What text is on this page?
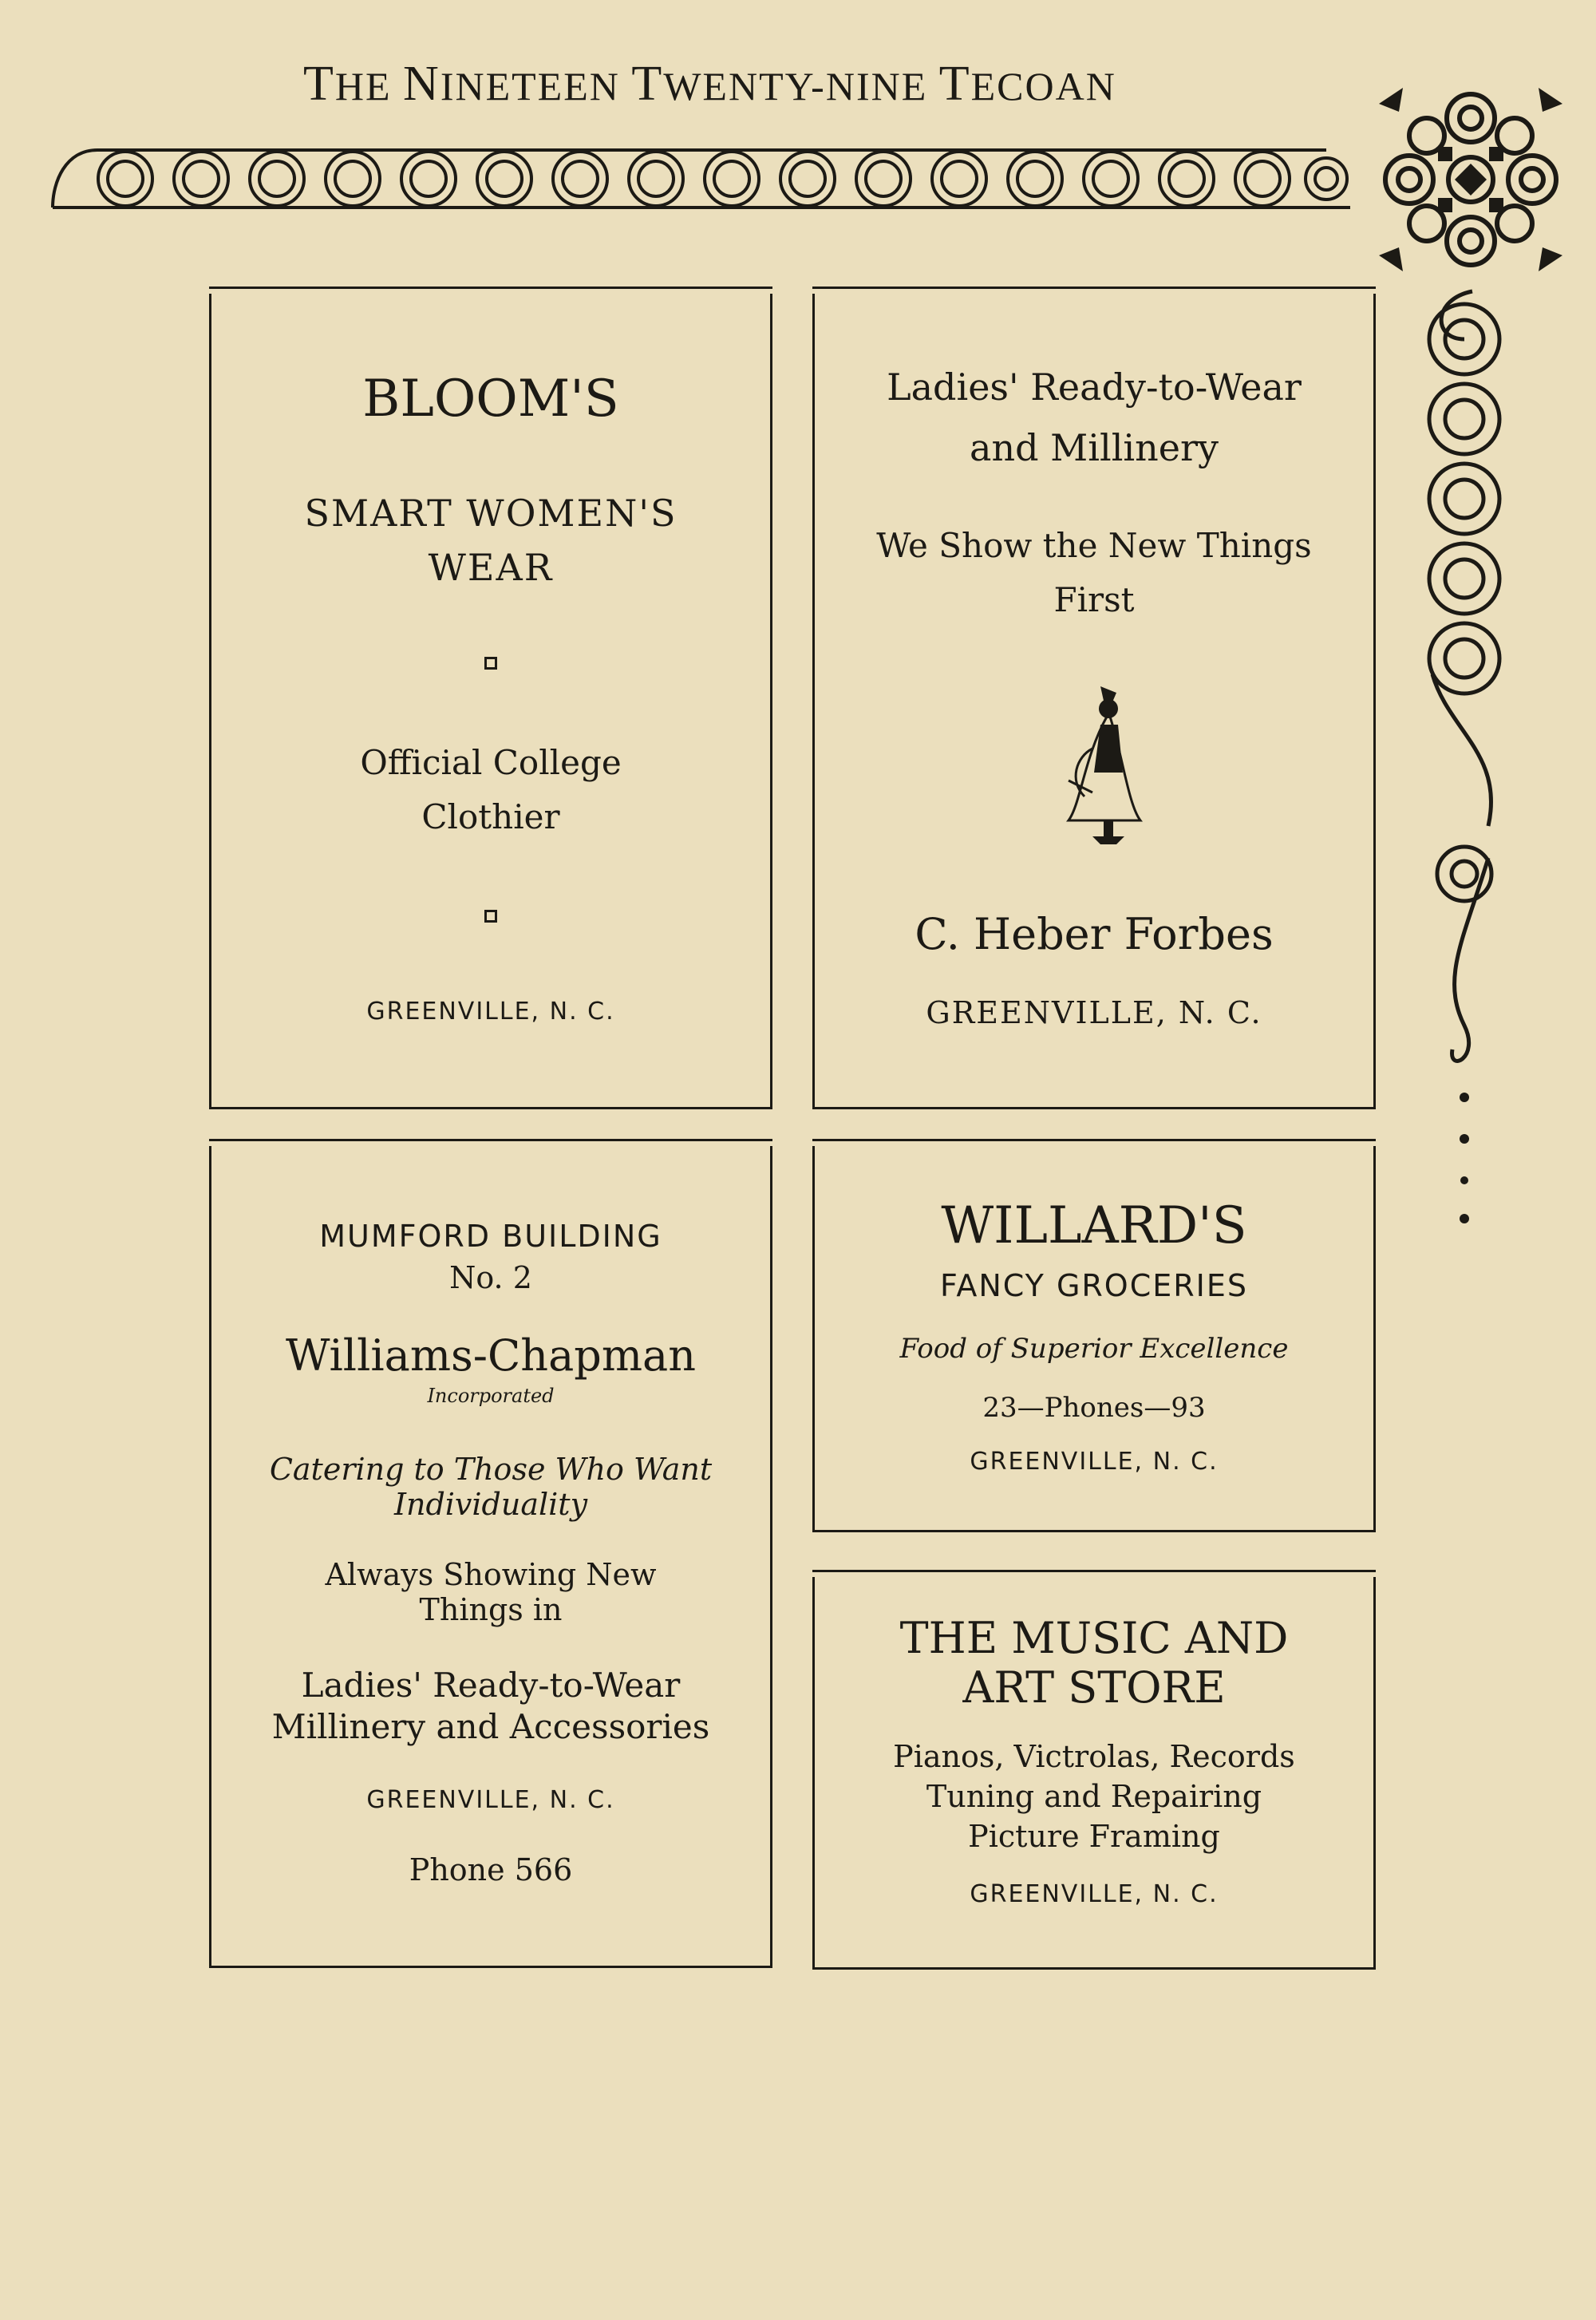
THE NINETEEN TWENTY-NINE TECOAN

BLOOM'S

SMART WOMEN'S

WEAR

Official College

Clothier

GREENVILLE, N. C.

Ladies' Ready-to-Wear

and Millinery

We Show the New Things

First

C. Heber Forbes

GREENVILLE, N. C.

MUMFORD BUILDING

No. 2

Williams-Chapman

Incorporated

Catering to Those Who Want

Individuality

Always Showing New

Things in

Ladies' Ready-to-Wear

Millinery and Accessories

GREENVILLE, N. C.

Phone 566

WILLARD'S

FANCY GROCERIES

Food of Superior Excellence

23—Phones—93

GREENVILLE, N. C.

THE MUSIC AND

ART STORE

Pianos, Victrolas, Records

Tuning and Repairing

Picture Framing

GREENVILLE, N. C.
